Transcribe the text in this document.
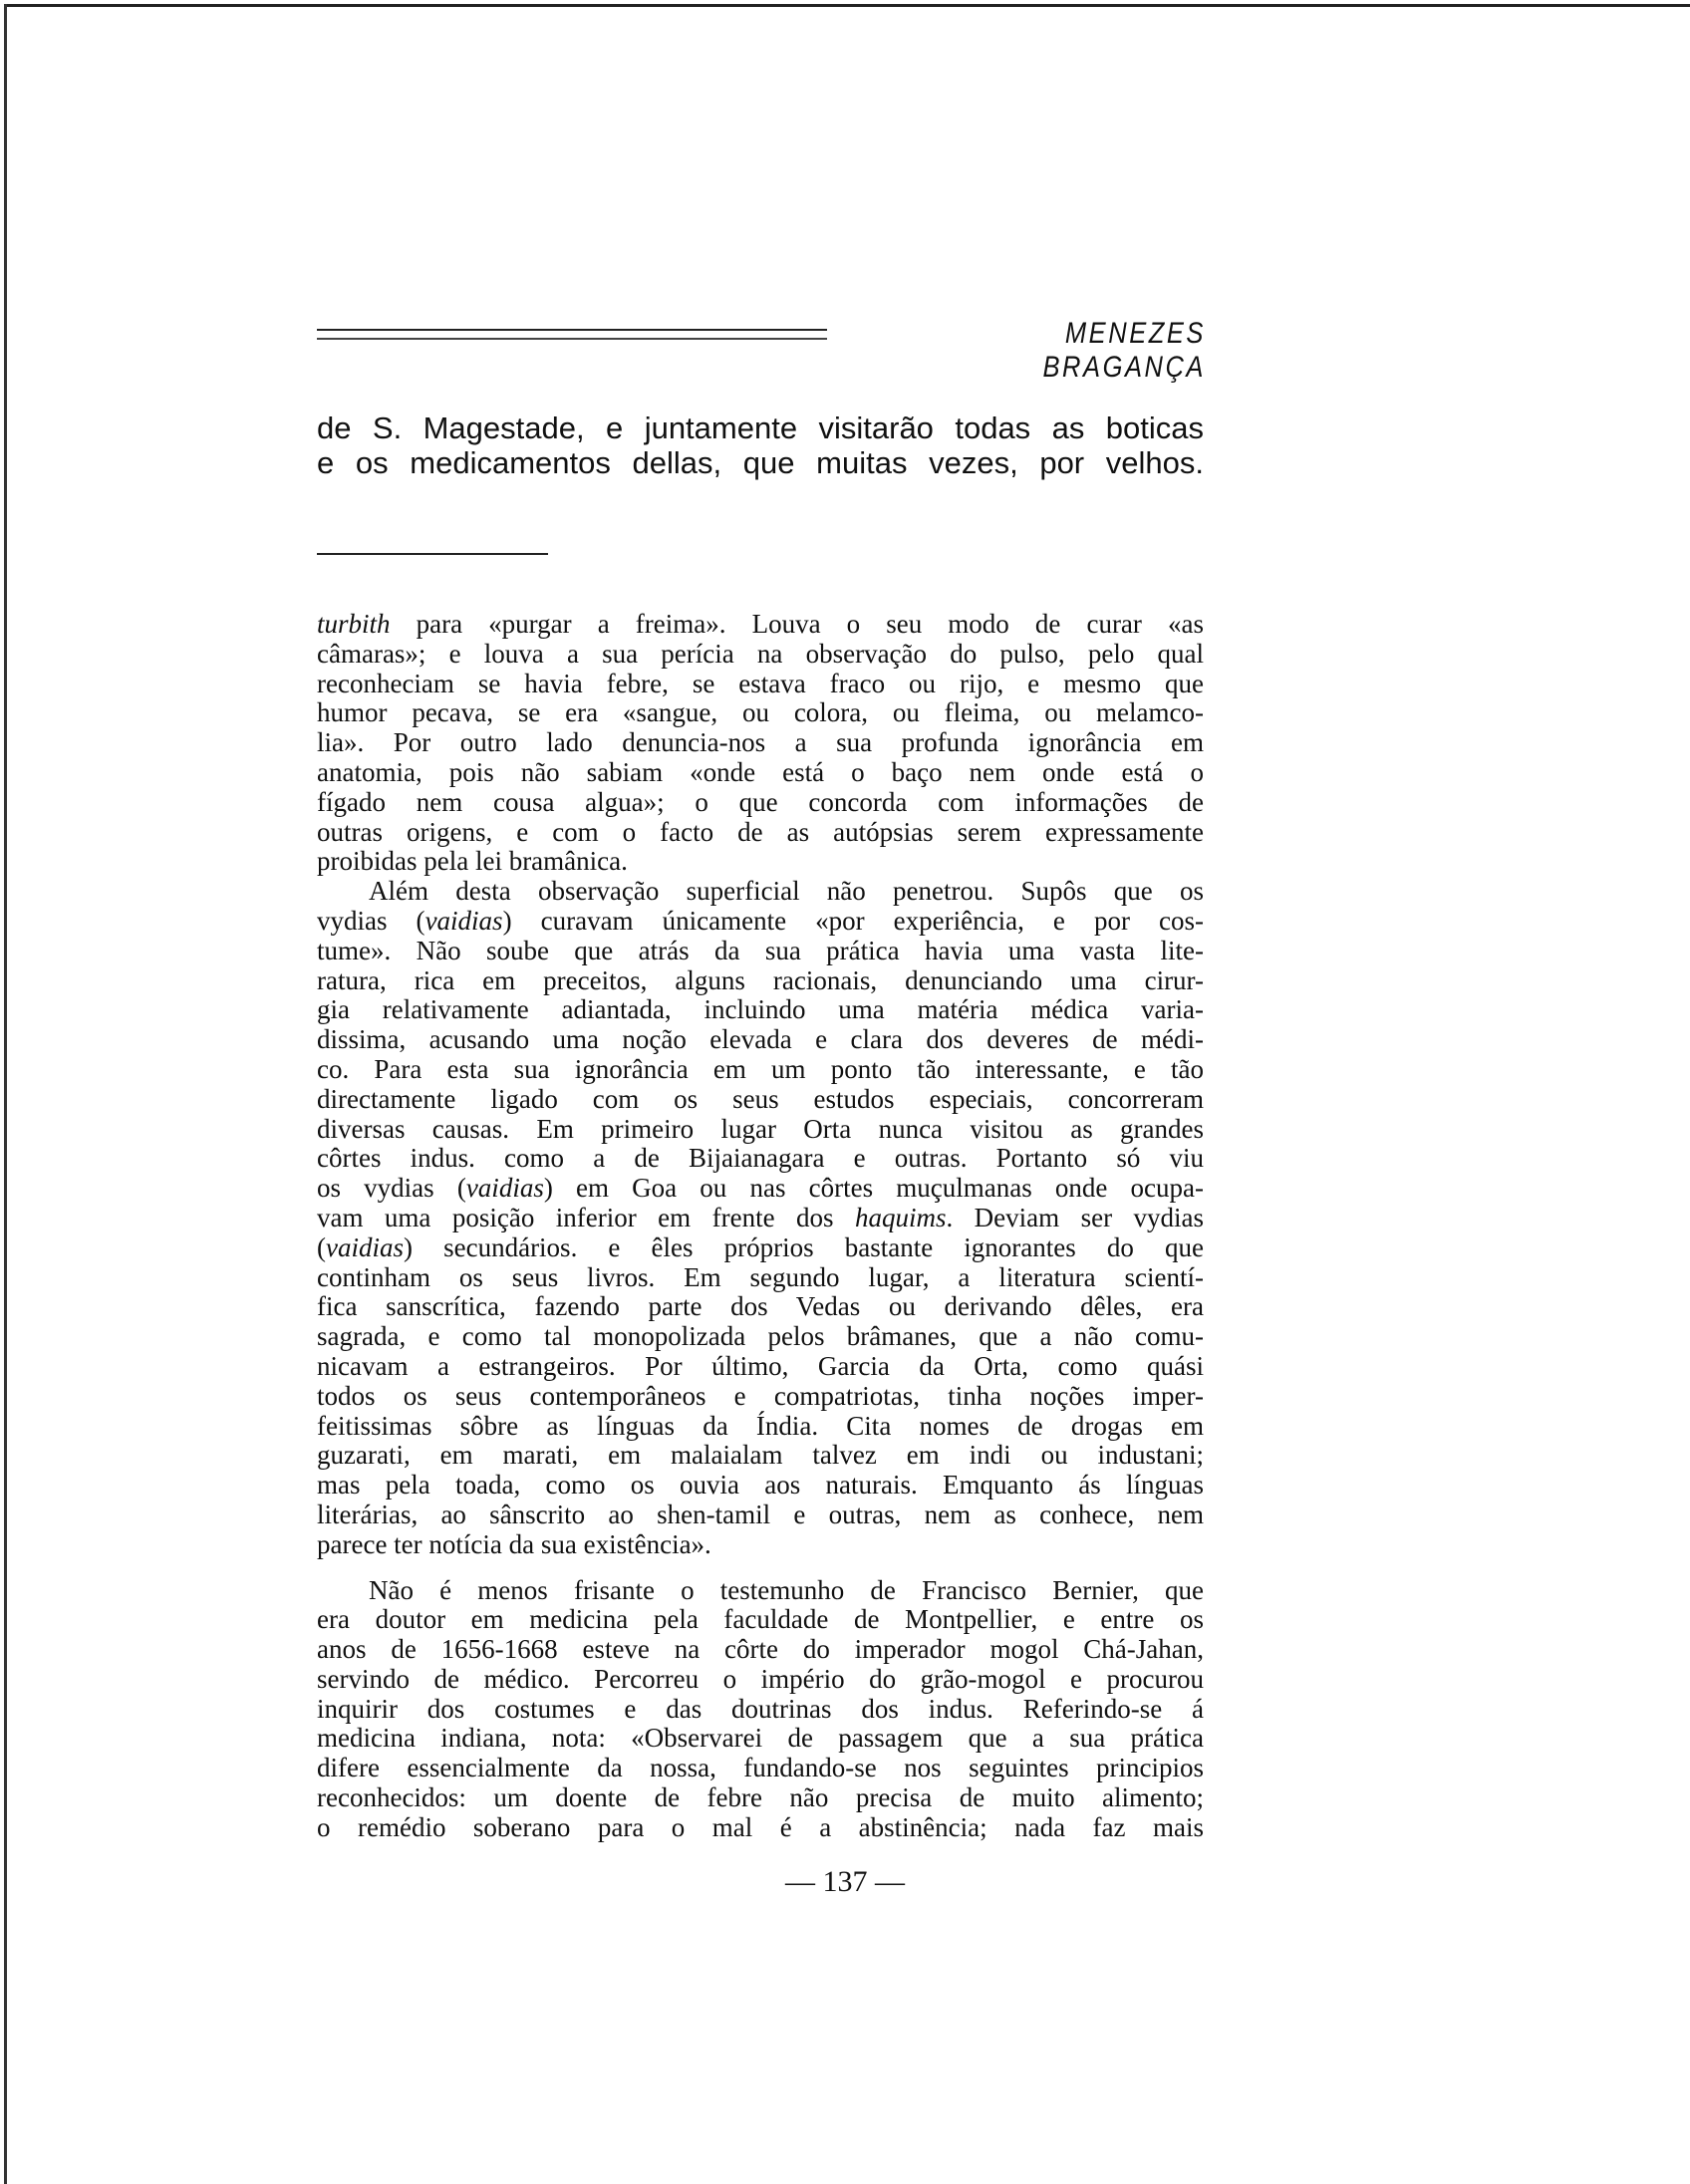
MENEZES BRAGANÇA
de S. Magestade, e juntamente visitarão todas as boticas
e os medicamentos dellas, que muitas vezes, por velhos.
turbith para «purgar a freima». Louva o seu modo de curar «as
câmaras»; e louva a sua perícia na observação do pulso, pelo qual
reconheciam se havia febre, se estava fraco ou rijo, e mesmo que
humor pecava, se era «sangue, ou colora, ou fleima, ou melamco-
lia». Por outro lado denuncia-nos a sua profunda ignorância em
anatomia, pois não sabiam «onde está o baço nem onde está o
fígado nem cousa algua»; o que concorda com informações de
outras origens, e com o facto de as autópsias serem expressamente
proibidas pela lei bramânica.
Além desta observação superficial não penetrou. Supôs que os
vydias (vaidias) curavam únicamente «por experiência, e por cos-
tume». Não soube que atrás da sua prática havia uma vasta lite-
ratura, rica em preceitos, alguns racionais, denunciando uma cirur-
gia relativamente adiantada, incluindo uma matéria médica varia-
dissima, acusando uma noção elevada e clara dos deveres de médi-
co. Para esta sua ignorância em um ponto tão interessante, e tão
directamente ligado com os seus estudos especiais, concorreram
diversas causas. Em primeiro lugar Orta nunca visitou as grandes
côrtes indus. como a de Bijaianagara e outras. Portanto só viu
os vydias (vaidias) em Goa ou nas côrtes muçulmanas onde ocupa-
vam uma posição inferior em frente dos haquims. Deviam ser vydias
(vaidias) secundários. e êles próprios bastante ignorantes do que
continham os seus livros. Em segundo lugar, a literatura scientí-
fica sanscrítica, fazendo parte dos Vedas ou derivando dêles, era
sagrada, e como tal monopolizada pelos brâmanes, que a não comu-
nicavam a estrangeiros. Por último, Garcia da Orta, como quási
todos os seus contemporâneos e compatriotas, tinha noções imper-
feitissimas sôbre as línguas da Índia. Cita nomes de drogas em
guzarati, em marati, em malaialam talvez em indi ou industani;
mas pela toada, como os ouvia aos naturais. Emquanto ás línguas
literárias, ao sânscrito ao shen-tamil e outras, nem as conhece, nem
parece ter notícia da sua existência».
Não é menos frisante o testemunho de Francisco Bernier, que
era doutor em medicina pela faculdade de Montpellier, e entre os
anos de 1656-1668 esteve na côrte do imperador mogol Chá-Jahan,
servindo de médico. Percorreu o império do grão-mogol e procurou
inquirir dos costumes e das doutrinas dos indus. Referindo-se á
medicina indiana, nota: «Observarei de passagem que a sua prática
difere essencialmente da nossa, fundando-se nos seguintes principios
reconhecidos: um doente de febre não precisa de muito alimento;
o remédio soberano para o mal é a abstinência; nada faz mais
— 137 —
